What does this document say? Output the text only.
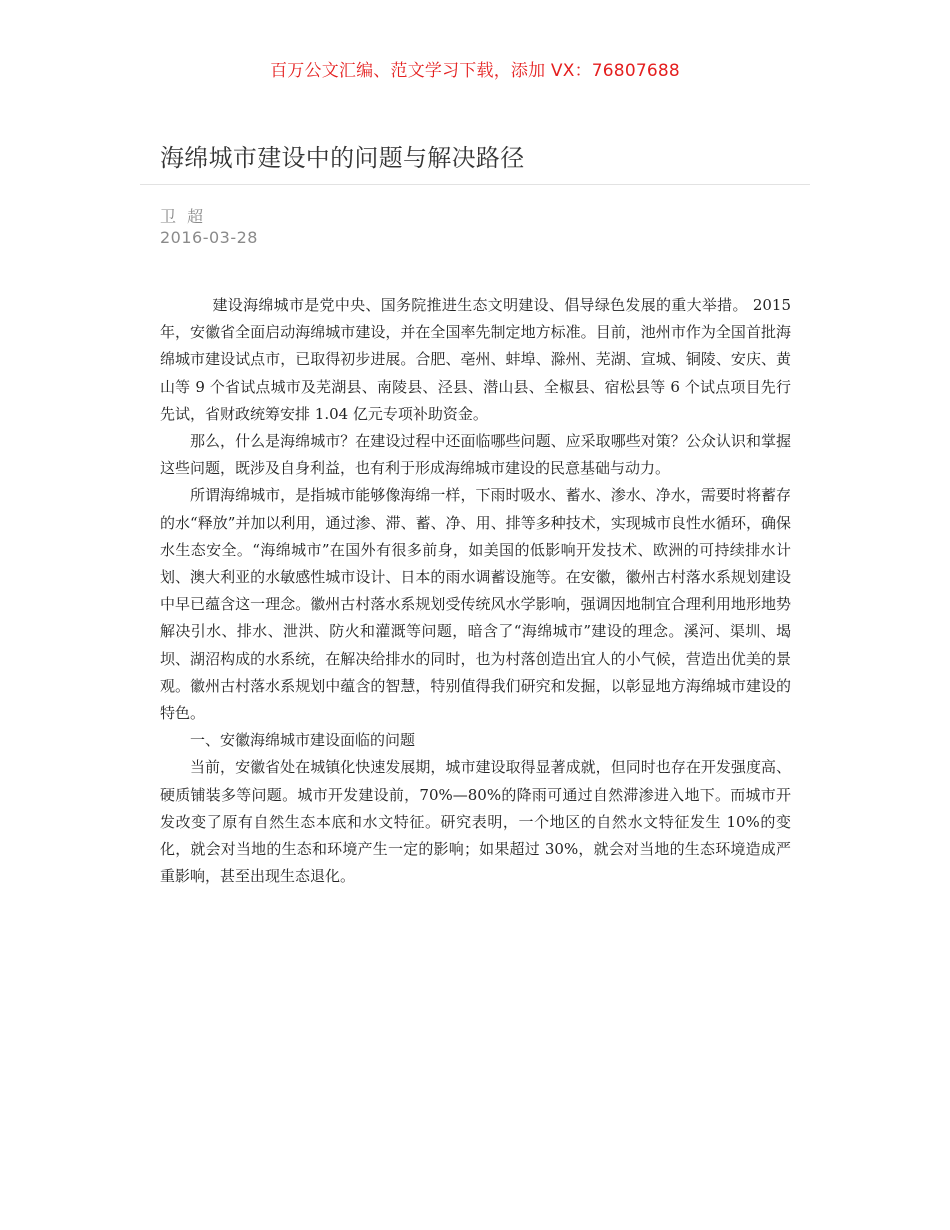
百万公文汇编、范文学习下载，添加 VX：76807688
海绵城市建设中的问题与解决路径
卫 超
2016-03-28

建设海绵城市是党中央、国务院推进生态文明建设、倡导绿色发展的重大举措。 2015 年，安徽省全面启动海绵城市建设，并在全国率先制定地方标准。目前，池州市作为全国首批海绵城市建设试点市，已取得初步进展。合肥、亳州、蚌埠、滁州、芜湖、宣城、铜陵、安庆、黄山等 9 个省试点城市及芜湖县、南陵县、泾县、潜山县、全椒县、宿松县等 6 个试点项目先行先试，省财政统筹安排 1.04 亿元专项补助资金。

那么，什么是海绵城市？在建设过程中还面临哪些问题、应采取哪些对策？公众认识和掌握这些问题，既涉及自身利益，也有利于形成海绵城市建设的民意基础与动力。

所谓海绵城市，是指城市能够像海绵一样，下雨时吸水、蓄水、渗水、净水，需要时将蓄存的水“释放”并加以利用，通过渗、滞、蓄、净、用、排等多种技术，实现城市良性水循环，确保水生态安全。“海绵城市”在国外有很多前身，如美国的低影响开发技术、欧洲的可持续排水计划、澳大利亚的水敏感性城市设计、日本的雨水调蓄设施等。在安徽，徽州古村落水系规划建设中早已蕴含这一理念。徽州古村落水系规划受传统风水学影响，强调因地制宜合理利用地形地势解决引水、排水、泄洪、防火和灌溉等问题，暗含了“海绵城市”建设的理念。溪河、渠圳、堨坝、湖沼构成的水系统，在解决给排水的同时，也为村落创造出宜人的小气候，营造出优美的景观。徽州古村落水系规划中蕴含的智慧，特别值得我们研究和发掘，以彰显地方海绵城市建设的特色。

一、安徽海绵城市建设面临的问题

当前，安徽省处在城镇化快速发展期，城市建设取得显著成就，但同时也存在开发强度高、硬质铺装多等问题。城市开发建设前，70%—80%的降雨可通过自然滞渗进入地下。而城市开发改变了原有自然生态本底和水文特征。研究表明，一个地区的自然水文特征发生 10%的变化，就会对当地的生态和环境产生一定的影响；如果超过 30%，就会对当地的生态环境造成严重影响，甚至出现生态退化。
